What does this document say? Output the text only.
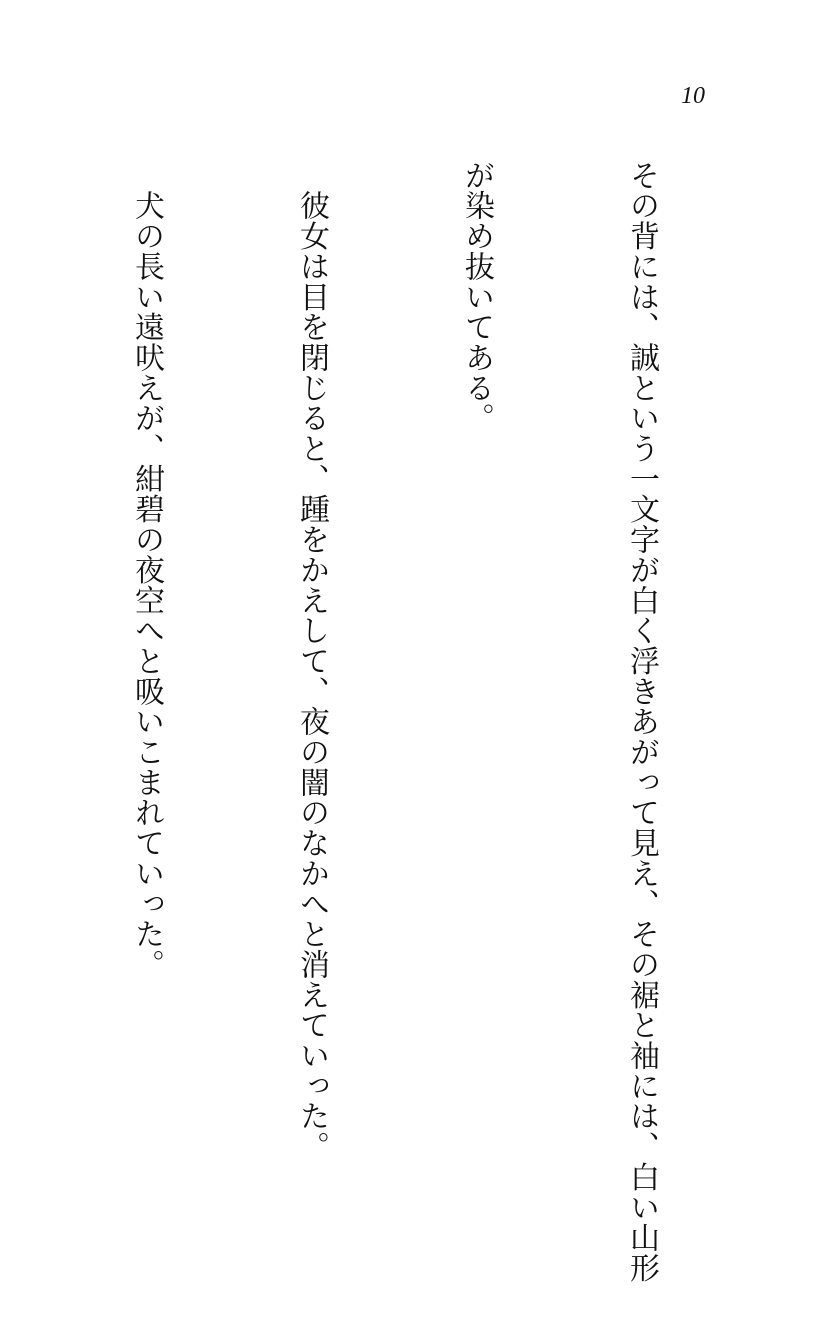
10

その背には、誠という一文字が白く浮きあがって見え、その裾と袖には、白い山形

が染め抜いてある。

　彼女は目を閉じると、踵をかえして、夜の闇のなかへと消えていった。

　犬の長い遠吠えが、紺碧の夜空へと吸いこまれていった。
